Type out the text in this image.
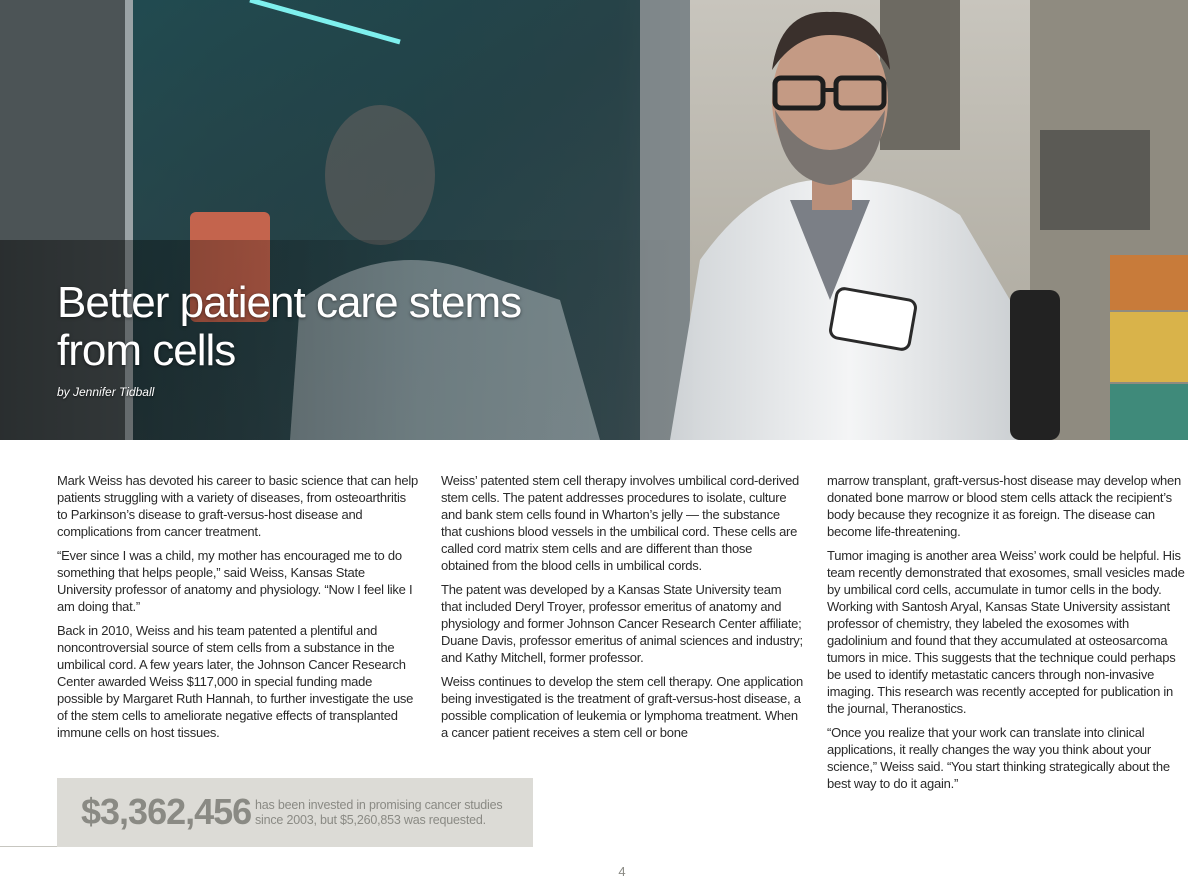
Better patient care stems from cells
by Jennifer Tidball

Mark Weiss has devoted his career to basic science that can help patients struggling with a variety of diseases, from osteoarthritis to Parkinson’s disease to graft-versus-host disease and complications from cancer treatment.

“Ever since I was a child, my mother has encouraged me to do something that helps people,” said Weiss, Kansas State University professor of anatomy and physiology. “Now I feel like I am doing that.”

Back in 2010, Weiss and his team patented a plentiful and noncontroversial source of stem cells from a substance in the umbilical cord. A few years later, the Johnson Cancer Research Center awarded Weiss $117,000 in special funding made possible by Margaret Ruth Hannah, to further investigate the use of the stem cells to ameliorate negative effects of transplanted immune cells on host tissues.

Weiss’ patented stem cell therapy involves umbilical cord-derived stem cells. The patent addresses procedures to isolate, culture and bank stem cells found in Wharton’s jelly — the substance that cushions blood vessels in the umbilical cord. These cells are called cord matrix stem cells and are different than those obtained from the blood cells in umbilical cords.

The patent was developed by a Kansas State University team that included Deryl Troyer, professor emeritus of anatomy and physiology and former Johnson Cancer Research Center affiliate; Duane Davis, professor emeritus of animal sciences and industry; and Kathy Mitchell, former professor.

Weiss continues to develop the stem cell therapy. One application being investigated is the treatment of graft-versus-host disease, a possible complication of leukemia or lymphoma treatment. When a cancer patient receives a stem cell or bone

marrow transplant, graft-versus-host disease may develop when donated bone marrow or blood stem cells attack the recipient’s body because they recognize it as foreign. The disease can become life-threatening.

Tumor imaging is another area Weiss’ work could be helpful. His team recently demonstrated that exosomes, small vesicles made by umbilical cord cells, accumulate in tumor cells in the body. Working with Santosh Aryal, Kansas State University assistant professor of chemistry, they labeled the exosomes with gadolinium and found that they accumulated at osteosarcoma tumors in mice. This suggests that the technique could perhaps be used to identify metastatic cancers through non-invasive imaging. This research was recently accepted for publication in the journal, Theranostics.

“Once you realize that your work can translate into clinical applications, it really changes the way you think about your science,” Weiss said. “You start thinking strategically about the best way to do it again.”

$3,362,456 has been invested in promising cancer studies since 2003, but $5,260,853 was requested.
4
